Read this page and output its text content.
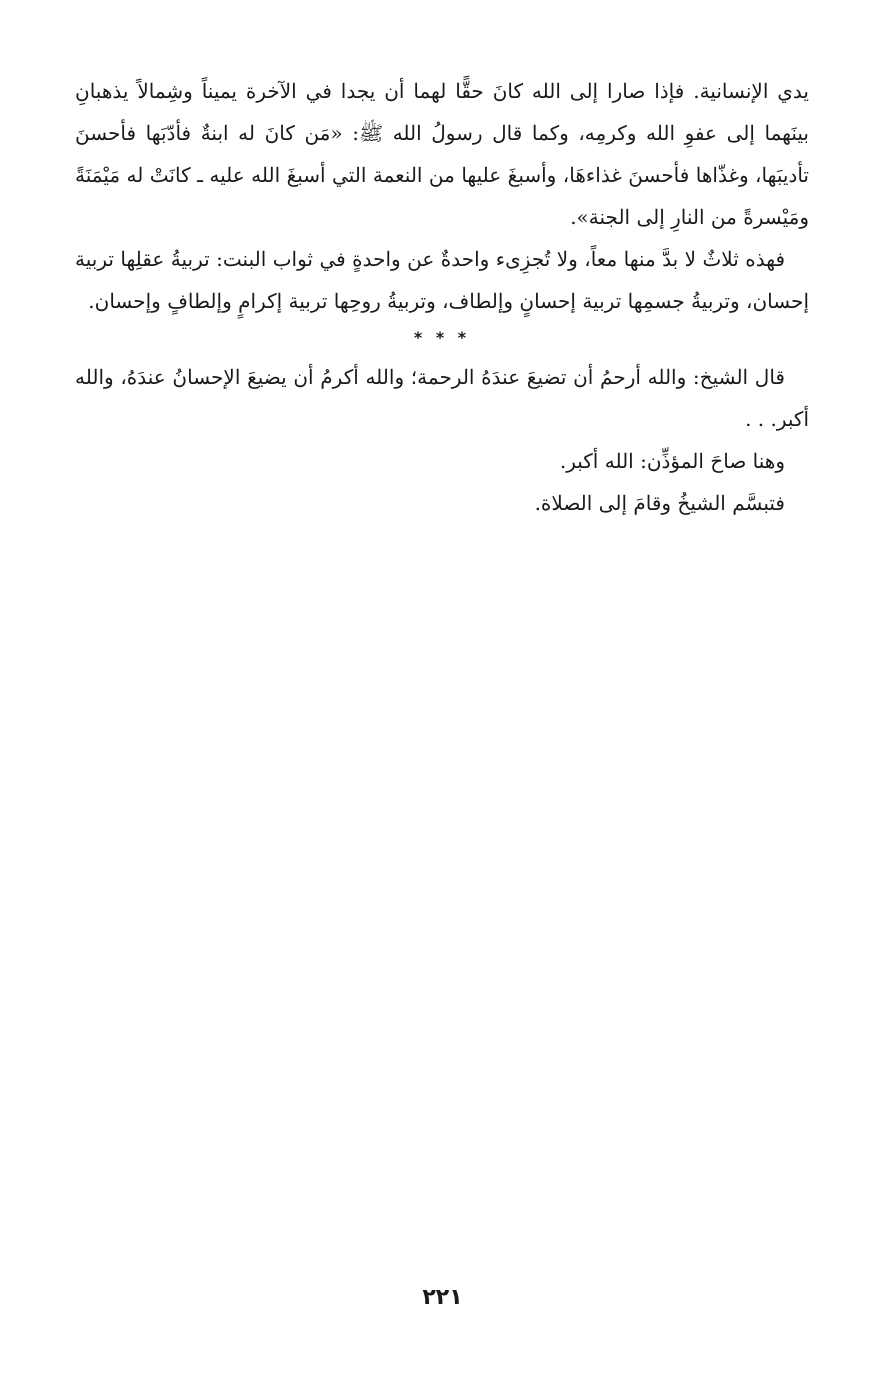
يدي الإنسانية. فإذا صارا إلى الله كانَ حقًّا لهما أن يجدا في الآخرة يميناً وشِمالاً يذهبانِ بينَهما إلى عفوِ الله وكرمِه، وكما قال رسولُ الله ﷺ: «مَن كانَ له ابنةٌ فأدّبَها فأحسنَ تأديبَها، وغذّاها فأحسنَ غذاءهَا، وأسبغَ عليها من النعمة التي أسبغَ الله عليه ـ كانَتْ له مَيْمَنَةً ومَيْسرةً من النارِ إلى الجنة».

فهذه ثلاثٌ لا بدَّ منها معاً، ولا تُجزِىء واحدةٌ عن واحدةٍ في ثواب البنت: تربيةُ عقلِها تربية إحسان، وتربيةُ جسمِها تربية إحسانٍ وإلطاف، وتربيةُ روحِها تربية إكرامٍ وإلطافٍ وإحسان.

* * *

قال الشيخ: والله أرحمُ أن تضيعَ عندَهُ الرحمة؛ والله أكرمُ أن يضيعَ الإحسانُ عندَهُ، والله أكبر. . .

وهنا صاحَ المؤذِّن: الله أكبر.

فتبسَّم الشيخُ وقامَ إلى الصلاة.

٢٢١
